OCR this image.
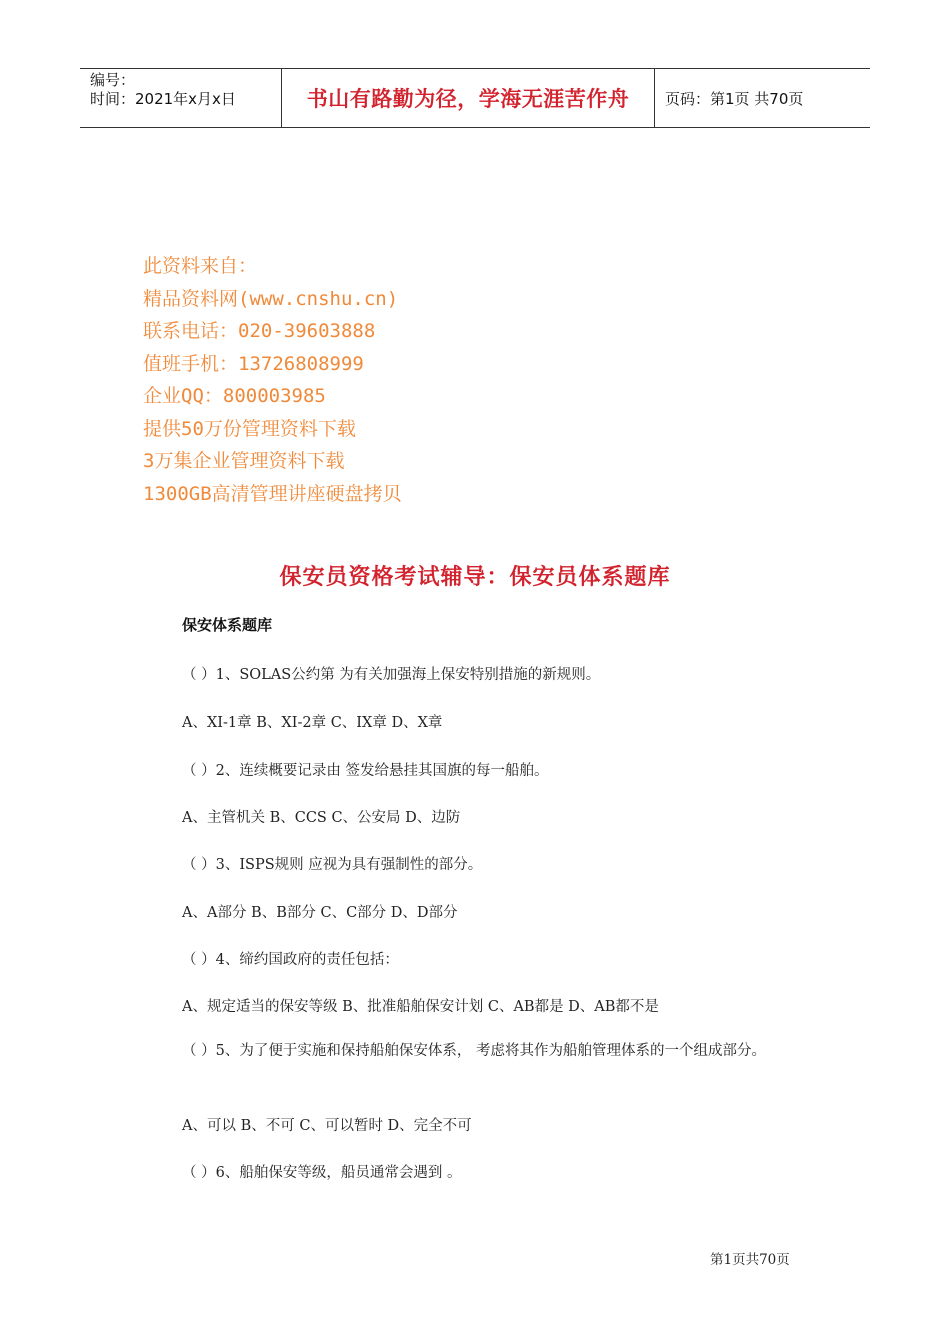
编号：
时间：2021年x月x日	书山有路勤为径，学海无涯苦作舟	页码：第1页 共70页
此资料来自：
精品资料网(www.cnshu.cn)
联系电话：020-39603888
值班手机：13726808999
企业QQ：800003985
提供50万份管理资料下载
3万集企业管理资料下载
1300GB高清管理讲座硬盘拷贝
保安员资格考试辅导：保安员体系题库
保安体系题库
（ ）1、SOLAS公约第 为有关加强海上保安特别措施的新规则。
A、XI-1章 B、XI-2章 C、IX章 D、X章
（ ）2、连续概要记录由 签发给悬挂其国旗的每一船舶。
A、主管机关 B、CCS C、公安局 D、边防
（ ）3、ISPS规则 应视为具有强制性的部分。
A、A部分 B、B部分 C、C部分 D、D部分
（ ）4、缔约国政府的责任包括：
A、规定适当的保安等级 B、批准船舶保安计划 C、AB都是 D、AB都不是
（ ）5、为了便于实施和保持船舶保安体系， 考虑将其作为船舶管理体系的一个组成部分。
A、可以 B、不可 C、可以暂时 D、完全不可
（ ）6、船舶保安等级，船员通常会遇到 。
第1页共70页
